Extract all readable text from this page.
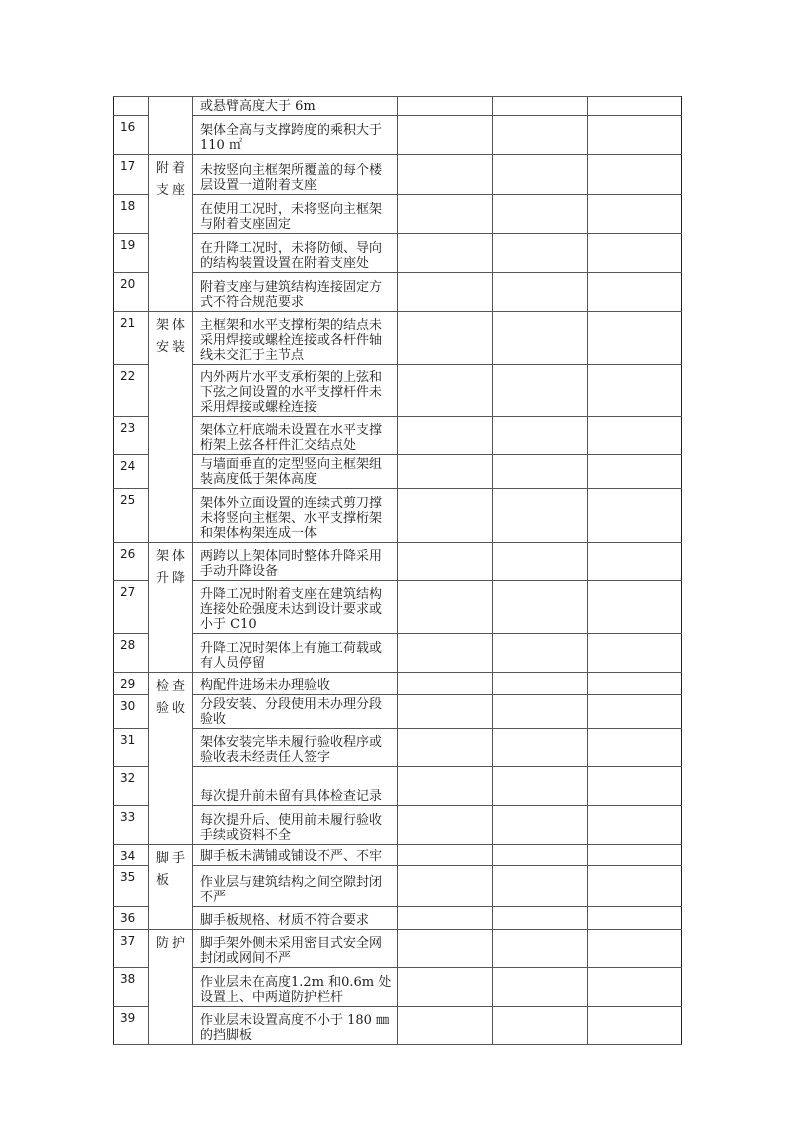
		或悬臂高度大于 6m			
16		架体全高与支撑跨度的乘积大于 110 ㎡			
17	附着支座	未按竖向主框架所覆盖的每个楼层设置一道附着支座			
18		在使用工况时，未将竖向主框架与附着支座固定			
19		在升降工况时，未将防倾、导向的结构装置设置在附着支座处			
20		附着支座与建筑结构连接固定方式不符合规范要求			
21	架体安装	主框架和水平支撑桁架的结点未采用焊接或螺栓连接或各杆件轴线未交汇于主节点			
22		内外两片水平支承桁架的上弦和下弦之间设置的水平支撑杆件未采用焊接或螺栓连接			
23		架体立杆底端未设置在水平支撑桁架上弦各杆件汇交结点处			
24		与墙面垂直的定型竖向主框架组装高度低于架体高度			
25		架体外立面设置的连续式剪刀撑未将竖向主框架、水平支撑桁架和架体构架连成一体			
26	架体升降	两跨以上架体同时整体升降采用手动升降设备			
27		升降工况时附着支座在建筑结构连接处砼强度未达到设计要求或小于 C10			
28		升降工况时架体上有施工荷载或有人员停留			
29	检查验收	构配件进场未办理验收			
30		分段安装、分段使用未办理分段验收			
31		架体安装完毕未履行验收程序或验收表未经责任人签字			
32		每次提升前未留有具体检查记录			
33		每次提升后、使用前未履行验收手续或资料不全			
34	脚手板	脚手板未满铺或铺设不严、不牢			
35		作业层与建筑结构之间空隙封闭不严			
36		脚手板规格、材质不符合要求			
37	防护	脚手架外侧未采用密目式安全网封闭或网间不严			
38		作业层未在高度1.2m 和0.6m 处设置上、中两道防护栏杆			
39		作业层未设置高度不小于 180 ㎜的挡脚板			
